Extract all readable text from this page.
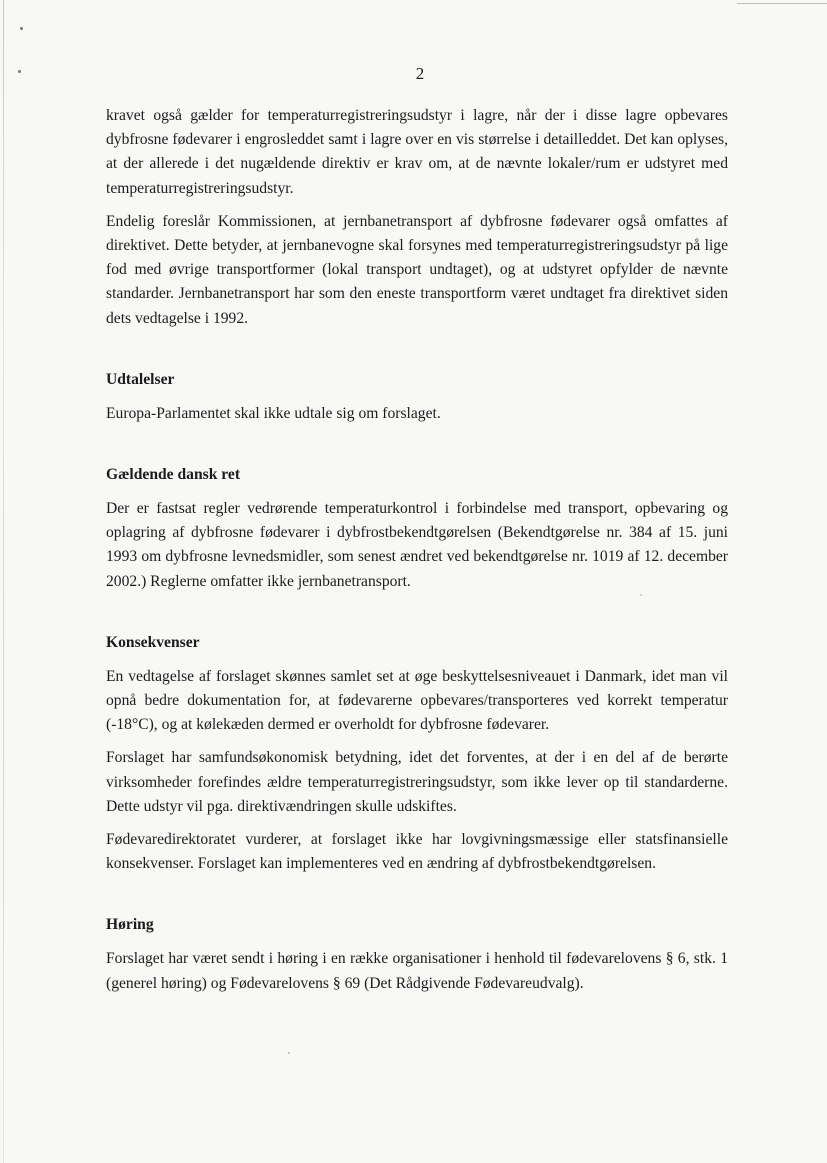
2

kravet også gælder for temperaturregistreringsudstyr i lagre, når der i disse lagre opbevares dybfrosne fødevarer i engrosleddet samt i lagre over en vis størrelse i detailleddet. Det kan oplyses, at der allerede i det nugældende direktiv er krav om, at de nævnte lokaler/rum er udstyret med temperaturregistreringsudstyr.

Endelig foreslår Kommissionen, at jernbanetransport af dybfrosne fødevarer også omfattes af direktivet. Dette betyder, at jernbanevogne skal forsynes med temperaturregistreringsudstyr på lige fod med øvrige transportformer (lokal transport undtaget), og at udstyret opfylder de nævnte standarder. Jernbanetransport har som den eneste transportform været undtaget fra direktivet siden dets vedtagelse i 1992.

Udtalelser

Europa-Parlamentet skal ikke udtale sig om forslaget.

Gældende dansk ret

Der er fastsat regler vedrørende temperaturkontrol i forbindelse med transport, opbevaring og oplagring af dybfrosne fødevarer i dybfrostbekendtgørelsen (Bekendtgørelse nr. 384 af 15. juni 1993 om dybfrosne levnedsmidler, som senest ændret ved bekendtgørelse nr. 1019 af 12. december 2002.) Reglerne omfatter ikke jernbanetransport.

Konsekvenser

En vedtagelse af forslaget skønnes samlet set at øge beskyttelsesniveauet i Danmark, idet man vil opnå bedre dokumentation for, at fødevarerne opbevares/transporteres ved korrekt temperatur (-18°C), og at kølekæden dermed er overholdt for dybfrosne fødevarer.

Forslaget har samfundsøkonomisk betydning, idet det forventes, at der i en del af de berørte virksomheder forefindes ældre temperaturregistreringsudstyr, som ikke lever op til standarderne. Dette udstyr vil pga. direktivændringen skulle udskiftes.

Fødevaredirektoratet vurderer, at forslaget ikke har lovgivningsmæssige eller statsfinansielle konsekvenser. Forslaget kan implementeres ved en ændring af dybfrostbekendtgørelsen.

Høring

Forslaget har været sendt i høring i en række organisationer i henhold til fødevarelovens § 6, stk. 1 (generel høring) og Fødevarelovens § 69 (Det Rådgivende Fødevareudvalg).
